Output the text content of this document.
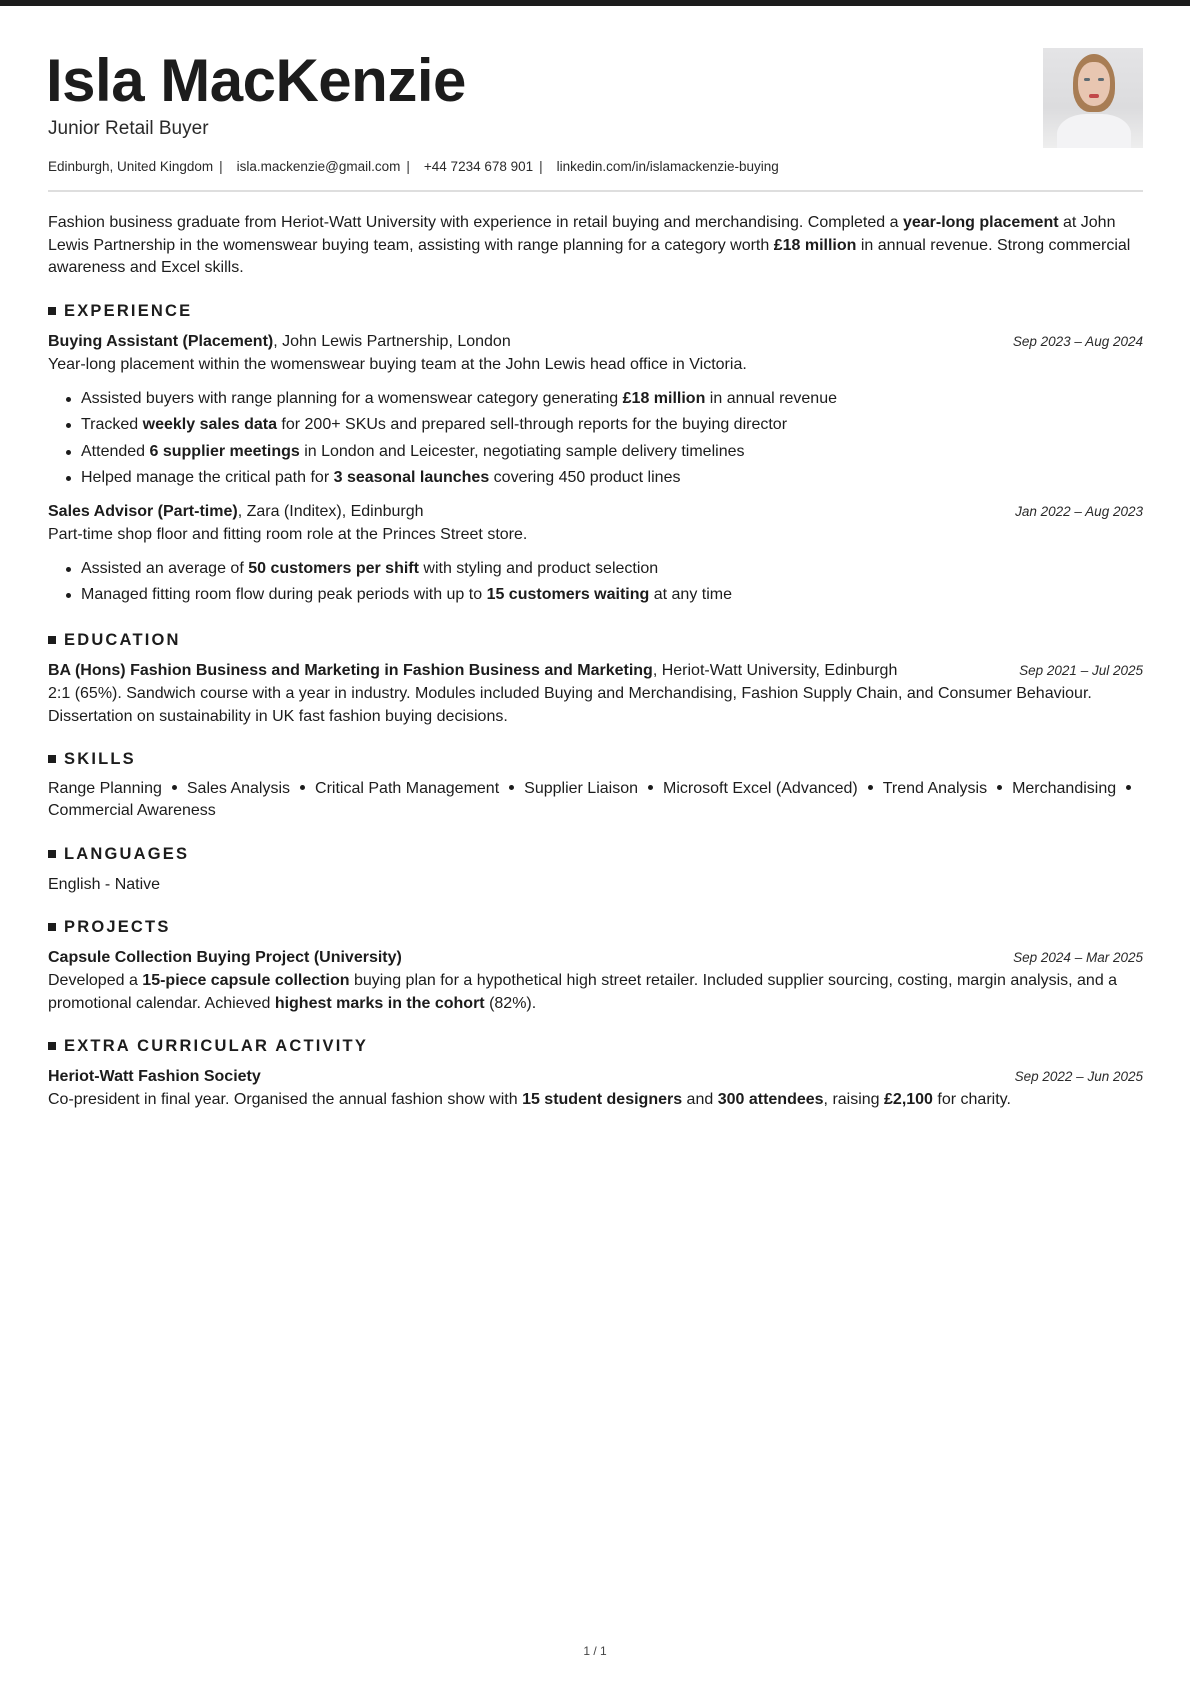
Isla MacKenzie
Junior Retail Buyer
Edinburgh, United Kingdom | isla.mackenzie@gmail.com | +44 7234 678 901 | linkedin.com/in/islamackenzie-buying

Fashion business graduate from Heriot-Watt University with experience in retail buying and merchandising. Completed a year-long placement at John Lewis Partnership in the womenswear buying team, assisting with range planning for a category worth £18 million in annual revenue. Strong commercial awareness and Excel skills.

EXPERIENCE
Buying Assistant (Placement), John Lewis Partnership, London	Sep 2023 – Aug 2024
Year-long placement within the womenswear buying team at the John Lewis head office in Victoria.
Assisted buyers with range planning for a womenswear category generating £18 million in annual revenue
Tracked weekly sales data for 200+ SKUs and prepared sell-through reports for the buying director
Attended 6 supplier meetings in London and Leicester, negotiating sample delivery timelines
Helped manage the critical path for 3 seasonal launches covering 450 product lines
Sales Advisor (Part-time), Zara (Inditex), Edinburgh	Jan 2022 – Aug 2023
Part-time shop floor and fitting room role at the Princes Street store.
Assisted an average of 50 customers per shift with styling and product selection
Managed fitting room flow during peak periods with up to 15 customers waiting at any time
EDUCATION
BA (Hons) Fashion Business and Marketing in Fashion Business and Marketing, Heriot-Watt University, Edinburgh	Sep 2021 – Jul 2025
2:1 (65%). Sandwich course with a year in industry. Modules included Buying and Merchandising, Fashion Supply Chain, and Consumer Behaviour. Dissertation on sustainability in UK fast fashion buying decisions.
SKILLS
Range Planning Sales Analysis Critical Path Management Supplier Liaison Microsoft Excel (Advanced) Trend Analysis MerchandisingCommercial Awareness
LANGUAGES
English - Native
PROJECTS
Capsule Collection Buying Project (University)	Sep 2024 – Mar 2025
Developed a 15-piece capsule collection buying plan for a hypothetical high street retailer. Included supplier sourcing, costing, margin analysis, and a promotional calendar. Achieved highest marks in the cohort (82%).
EXTRA CURRICULAR ACTIVITY
Heriot-Watt Fashion Society	Sep 2022 – Jun 2025
Co-president in final year. Organised the annual fashion show with 15 student designers and 300 attendees, raising £2,100 for charity.
1 / 1
